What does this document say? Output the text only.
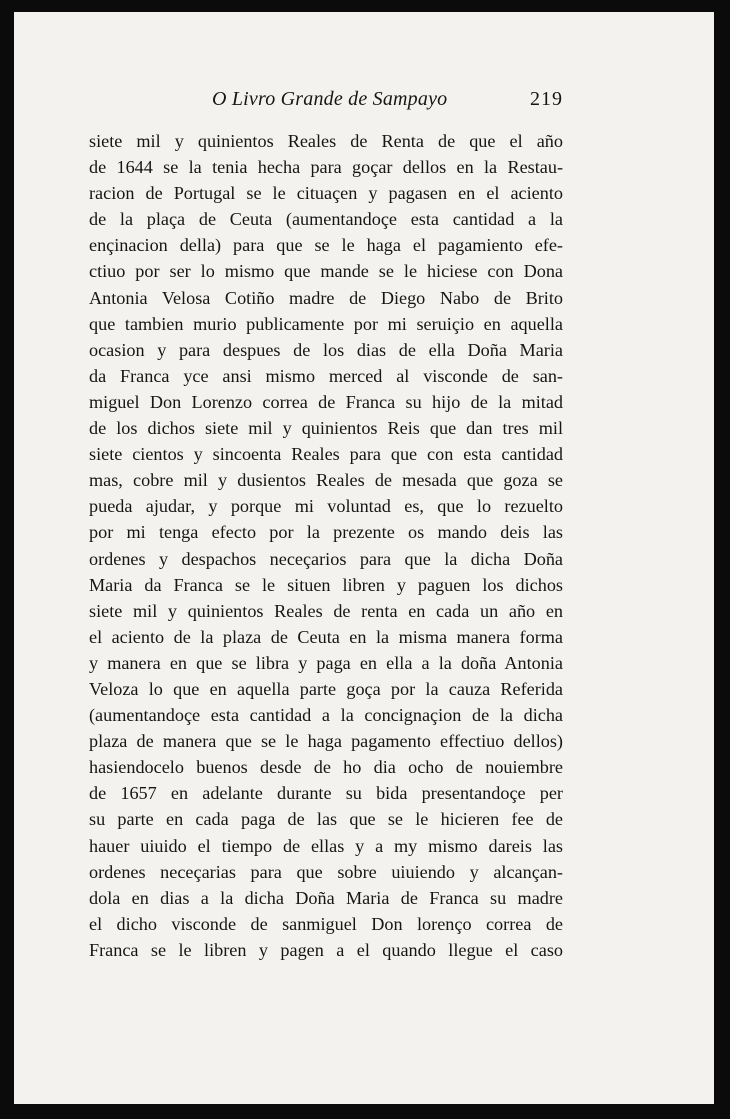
O Livro Grande de Sampayo	219
siete mil y quinientos Reales de Renta de que el año
de 1644 se la tenia hecha para goçar dellos en la Restau-
racion de Portugal se le cituaçen y pagasen en el aciento
de la plaça de Ceuta (aumentandoçe esta cantidad a la
ençinacion della) para que se le haga el pagamiento efe-
ctiuo por ser lo mismo que mande se le hiciese con Dona
Antonia Velosa Cotiño madre de Diego Nabo de Brito
que tambien murio publicamente por mi seruiçio en aquella
ocasion y para despues de los dias de ella Doña Maria
da Franca yce ansi mismo merced al visconde de san-
miguel Don Lorenzo correa de Franca su hijo de la mitad
de los dichos siete mil y quinientos Reis que dan tres mil
siete cientos y sincoenta Reales para que con esta cantidad
mas, cobre mil y dusientos Reales de mesada que goza se
pueda ajudar, y porque mi voluntad es, que lo rezuelto
por mi tenga efecto por la prezente os mando deis las
ordenes y despachos neceçarios para que la dicha Doña
Maria da Franca se le situen libren y paguen los dichos
siete mil y quinientos Reales de renta en cada un año en
el aciento de la plaza de Ceuta en la misma manera forma
y manera en que se libra y paga en ella a la doña Antonia
Veloza lo que en aquella parte goça por la cauza Referida
(aumentandoçe esta cantidad a la concignaçion de la dicha
plaza de manera que se le haga pagamento effectiuo dellos)
hasiendocelo buenos desde de ho dia ocho de nouiembre
de 1657 en adelante durante su bida presentandoçe per
su parte en cada paga de las que se le hicieren fee de
hauer uiuido el tiempo de ellas y a my mismo dareis las
ordenes neceçarias para que sobre uiuiendo y alcançan-
dola en dias a la dicha Doña Maria de Franca su madre
el dicho visconde de sanmiguel Don lorenço correa de
Franca se le libren y pagen a el quando llegue el caso
